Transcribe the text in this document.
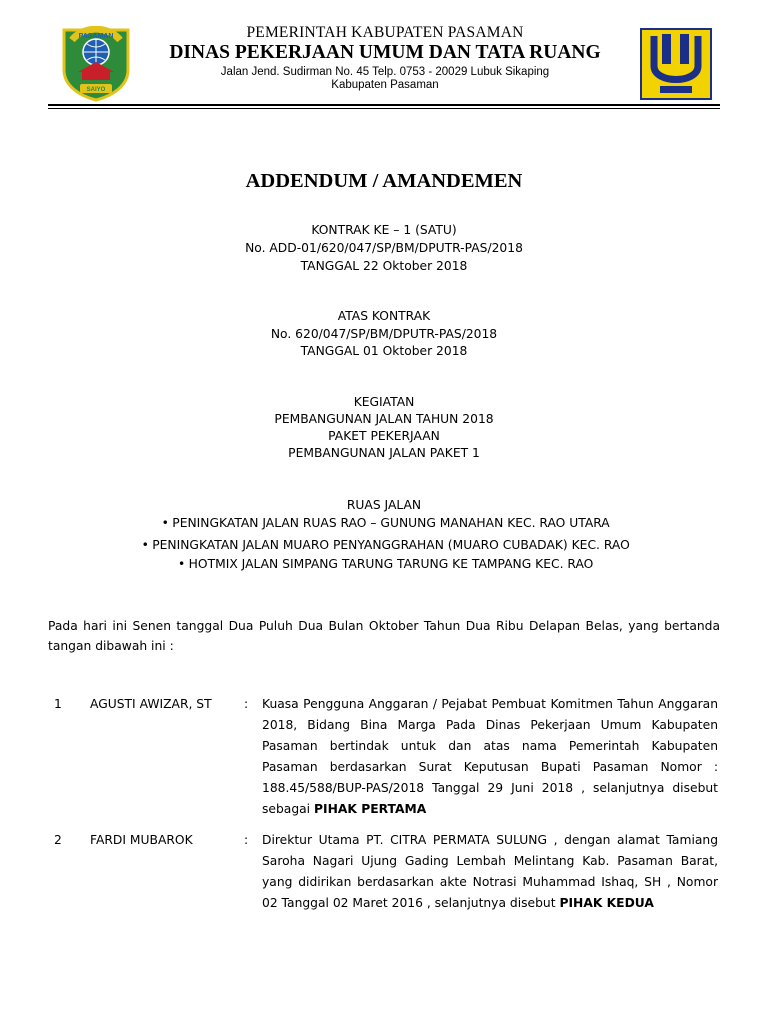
PASAMAN
SAIYO
PEMERINTAH KABUPATEN PASAMAN
DINAS PEKERJAAN UMUM DAN TATA RUANG
Jalan Jend. Sudirman No. 45 Telp. 0753 - 20029 Lubuk Sikaping
Kabupaten Pasaman
ADDENDUM / AMANDEMEN
KONTRAK KE – 1 (SATU)
No. ADD-01/620/047/SP/BM/DPUTR-PAS/2018
TANGGAL 22 Oktober 2018
ATAS KONTRAK
No. 620/047/SP/BM/DPUTR-PAS/2018
TANGGAL 01 Oktober 2018
KEGIATAN
PEMBANGUNAN JALAN TAHUN 2018
PAKET PEKERJAAN
PEMBANGUNAN JALAN PAKET 1
RUAS JALAN
• PENINGKATAN JALAN RUAS RAO – GUNUNG MANAHAN KEC. RAO UTARA
• PENINGKATAN JALAN MUARO PENYANGGRAHAN (MUARO CUBADAK) KEC. RAO
• HOTMIX JALAN SIMPANG TARUNG TARUNG KE TAMPANG KEC. RAO
Pada hari ini Senen tanggal Dua Puluh Dua Bulan Oktober Tahun Dua Ribu Delapan Belas, yang bertanda tangan dibawah ini :
1 AGUSTI AWIZAR, ST	: Kuasa Pengguna Anggaran / Pejabat Pembuat Komitmen Tahun Anggaran 2018, Bidang Bina Marga Pada Dinas Pekerjaan Umum Kabupaten Pasaman bertindak untuk dan atas nama Pemerintah Kabupaten Pasaman berdasarkan Surat Keputusan Bupati Pasaman Nomor : 188.45/588/BUP-PAS/2018 Tanggal 29 Juni 2018 , selanjutnya disebut sebagai PIHAK PERTAMA
2 FARDI MUBAROK	: Direktur Utama PT. CITRA PERMATA SULUNG , dengan alamat Tamiang Saroha Nagari Ujung Gading Lembah Melintang Kab. Pasaman Barat, yang didirikan berdasarkan akte Notrasi Muhammad Ishaq, SH , Nomor 02 Tanggal 02 Maret 2016 , selanjutnya disebut PIHAK KEDUA
